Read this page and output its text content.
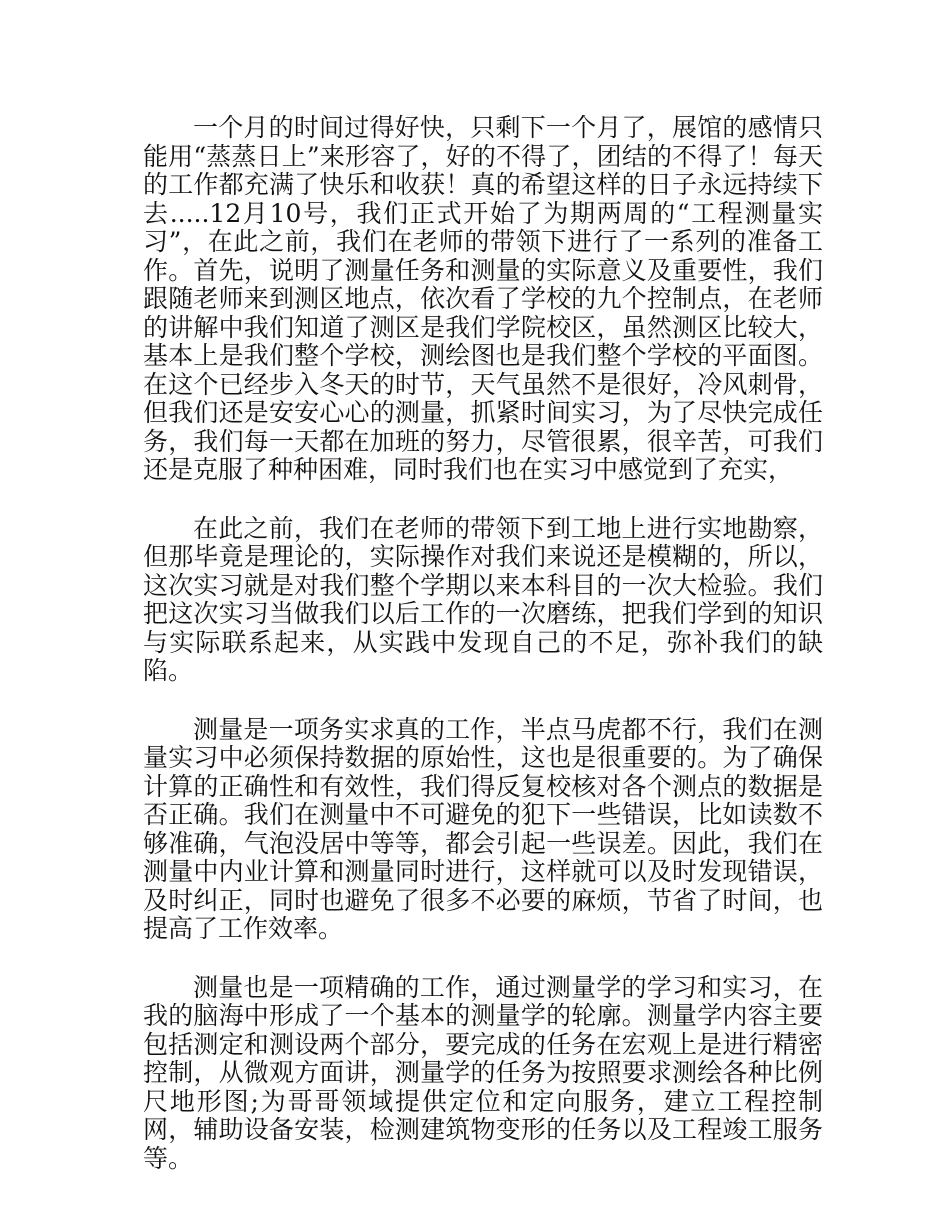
一个月的时间过得好快，只剩下一个月了，展馆的感情只能用“蒸蒸日上”来形容了，好的不得了，团结的不得了！每天的工作都充满了快乐和收获！真的希望这样的日子永远持续下去.....12月10号，我们正式开始了为期两周的“工程测量实习”，在此之前，我们在老师的带领下进行了一系列的准备工作。首先，说明了测量任务和测量的实际意义及重要性，我们跟随老师来到测区地点，依次看了学校的九个控制点，在老师的讲解中我们知道了测区是我们学院校区，虽然测区比较大，基本上是我们整个学校，测绘图也是我们整个学校的平面图。在这个已经步入冬天的时节，天气虽然不是很好，冷风刺骨，但我们还是安安心心的测量，抓紧时间实习，为了尽快完成任务，我们每一天都在加班的努力，尽管很累，很辛苦，可我们还是克服了种种困难，同时我们也在实习中感觉到了充实，

在此之前，我们在老师的带领下到工地上进行实地勘察，但那毕竟是理论的，实际操作对我们来说还是模糊的，所以，这次实习就是对我们整个学期以来本科目的一次大检验。我们把这次实习当做我们以后工作的一次磨练，把我们学到的知识与实际联系起来，从实践中发现自己的不足，弥补我们的缺陷。

测量是一项务实求真的工作，半点马虎都不行，我们在测量实习中必须保持数据的原始性，这也是很重要的。为了确保计算的正确性和有效性，我们得反复校核对各个测点的数据是否正确。我们在测量中不可避免的犯下一些错误，比如读数不够准确，气泡没居中等等，都会引起一些误差。因此，我们在测量中内业计算和测量同时进行，这样就可以及时发现错误，及时纠正，同时也避免了很多不必要的麻烦，节省了时间，也提高了工作效率。

测量也是一项精确的工作，通过测量学的学习和实习，在我的脑海中形成了一个基本的测量学的轮廓。测量学内容主要包括测定和测设两个部分，要完成的任务在宏观上是进行精密控制，从微观方面讲，测量学的任务为按照要求测绘各种比例尺地形图;为哥哥领域提供定位和定向服务，建立工程控制网，辅助设备安装，检测建筑物变形的任务以及工程竣工服务等。
